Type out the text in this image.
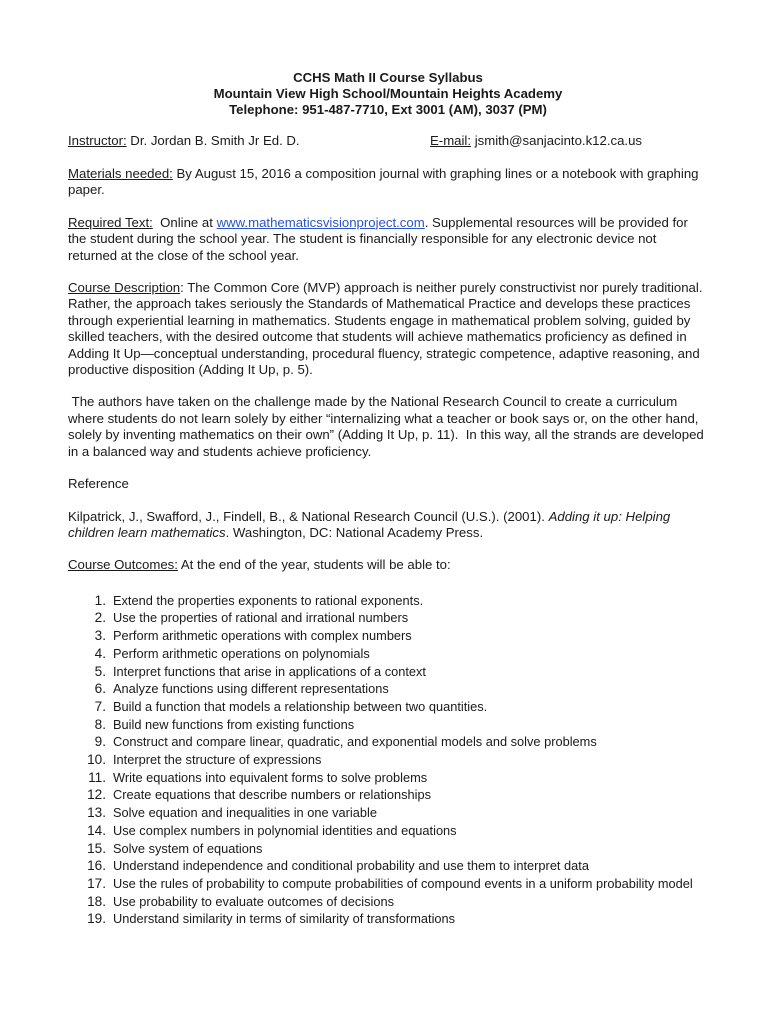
CCHS Math II Course Syllabus
Mountain View High School/Mountain Heights Academy
Telephone: 951-487-7710, Ext 3001 (AM), 3037 (PM)
Instructor: Dr. Jordan B. Smith Jr Ed. D.	E-mail: jsmith@sanjacinto.k12.ca.us

Materials needed: By August 15, 2016 a composition journal with graphing lines or a notebook with graphing paper.

Required Text:  Online at www.mathematicsvisionproject.com. Supplemental resources will be provided for the student during the school year. The student is financially responsible for any electronic device not returned at the close of the school year.

Course Description: The Common Core (MVP) approach is neither purely constructivist nor purely traditional. Rather, the approach takes seriously the Standards of Mathematical Practice and develops these practices through experiential learning in mathematics. Students engage in mathematical problem solving, guided by skilled teachers, with the desired outcome that students will achieve mathematics proficiency as defined in Adding It Up—conceptual understanding, procedural fluency, strategic competence, adaptive reasoning, and productive disposition (Adding It Up, p. 5).

The authors have taken on the challenge made by the National Research Council to create a curriculum where students do not learn solely by either “internalizing what a teacher or book says or, on the other hand, solely by inventing mathematics on their own” (Adding It Up, p. 11).  In this way, all the strands are developed in a balanced way and students achieve proficiency.

Reference

Kilpatrick, J., Swafford, J., Findell, B., & National Research Council (U.S.). (2001). Adding it up: Helping children learn mathematics. Washington, DC: National Academy Press.

Course Outcomes: At the end of the year, students will be able to:

1. Extend the properties exponents to rational exponents.
2. Use the properties of rational and irrational numbers
3. Perform arithmetic operations with complex numbers
4. Perform arithmetic operations on polynomials
5. Interpret functions that arise in applications of a context
6. Analyze functions using different representations
7. Build a function that models a relationship between two quantities.
8. Build new functions from existing functions
9. Construct and compare linear, quadratic, and exponential models and solve problems
10. Interpret the structure of expressions
11. Write equations into equivalent forms to solve problems
12. Create equations that describe numbers or relationships
13. Solve equation and inequalities in one variable
14. Use complex numbers in polynomial identities and equations
15. Solve system of equations
16. Understand independence and conditional probability and use them to interpret data
17. Use the rules of probability to compute probabilities of compound events in a uniform probability model
18. Use probability to evaluate outcomes of decisions
19. Understand similarity in terms of similarity of transformations
